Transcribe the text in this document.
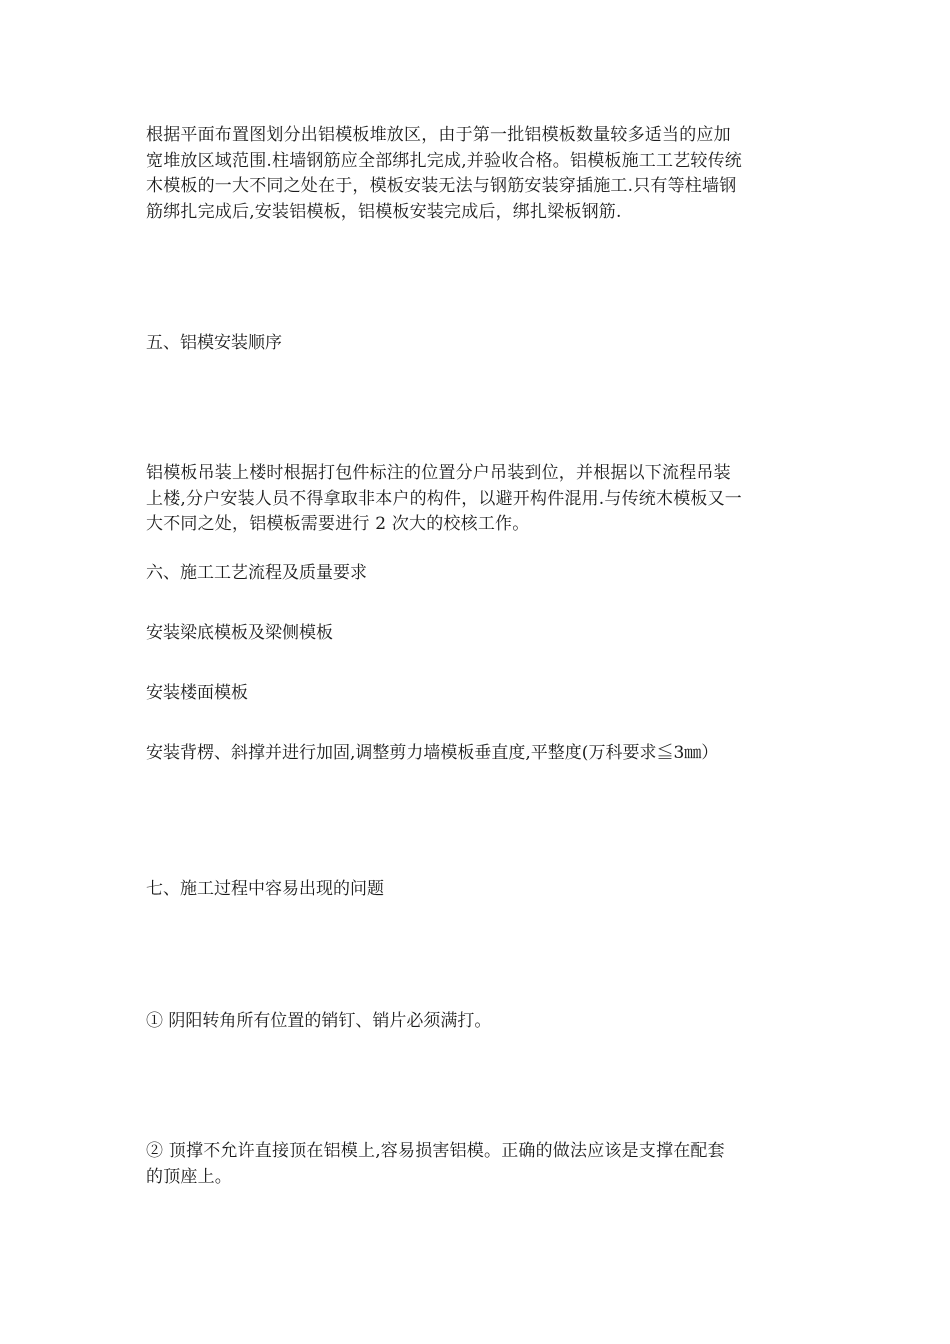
根据平面布置图划分出铝模板堆放区，由于第一批铝模板数量较多适当的应加
宽堆放区域范围.柱墙钢筋应全部绑扎完成,并验收合格。铝模板施工工艺较传统
木模板的一大不同之处在于，模板安装无法与钢筋安装穿插施工.只有等柱墙钢
筋绑扎完成后,安装铝模板，铝模板安装完成后，绑扎梁板钢筋.

五、铝模安装顺序

铝模板吊装上楼时根据打包件标注的位置分户吊装到位，并根据以下流程吊装
上楼,分户安装人员不得拿取非本户的构件，以避开构件混用.与传统木模板又一
大不同之处，铝模板需要进行 2 次大的校核工作。

六、施工工艺流程及质量要求

安装梁底模板及梁侧模板

安装楼面模板

安装背楞、斜撑并进行加固,调整剪力墙模板垂直度,平整度(万科要求≦3㎜）

七、施工过程中容易出现的问题

① 阴阳转角所有位置的销钉、销片必须满打。

② 顶撑不允许直接顶在铝模上,容易损害铝模。正确的做法应该是支撑在配套
的顶座上。
